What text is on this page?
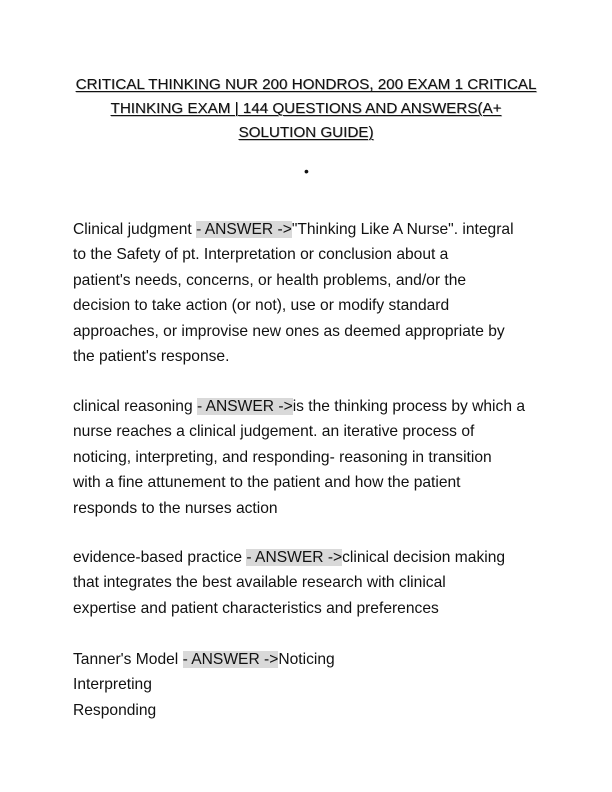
CRITICAL THINKING NUR 200 HONDROS, 200 EXAM 1 CRITICAL
THINKING EXAM | 144 QUESTIONS AND ANSWERS(A+
SOLUTION GUIDE)
•
Clinical judgment - ANSWER ->"Thinking Like A Nurse". integral
to the Safety of pt. Interpretation or conclusion about a
patient's needs, concerns, or health problems, and/or the
decision to take action (or not), use or modify standard
approaches, or improvise new ones as deemed appropriate by
the patient's response.
clinical reasoning - ANSWER ->is the thinking process by which a
nurse reaches a clinical judgement. an iterative process of
noticing, interpreting, and responding- reasoning in transition
with a fine attunement to the patient and how the patient
responds to the nurses action
evidence-based practice - ANSWER ->clinical decision making
that integrates the best available research with clinical
expertise and patient characteristics and preferences
Tanner's Model - ANSWER ->Noticing
Interpreting
Responding
